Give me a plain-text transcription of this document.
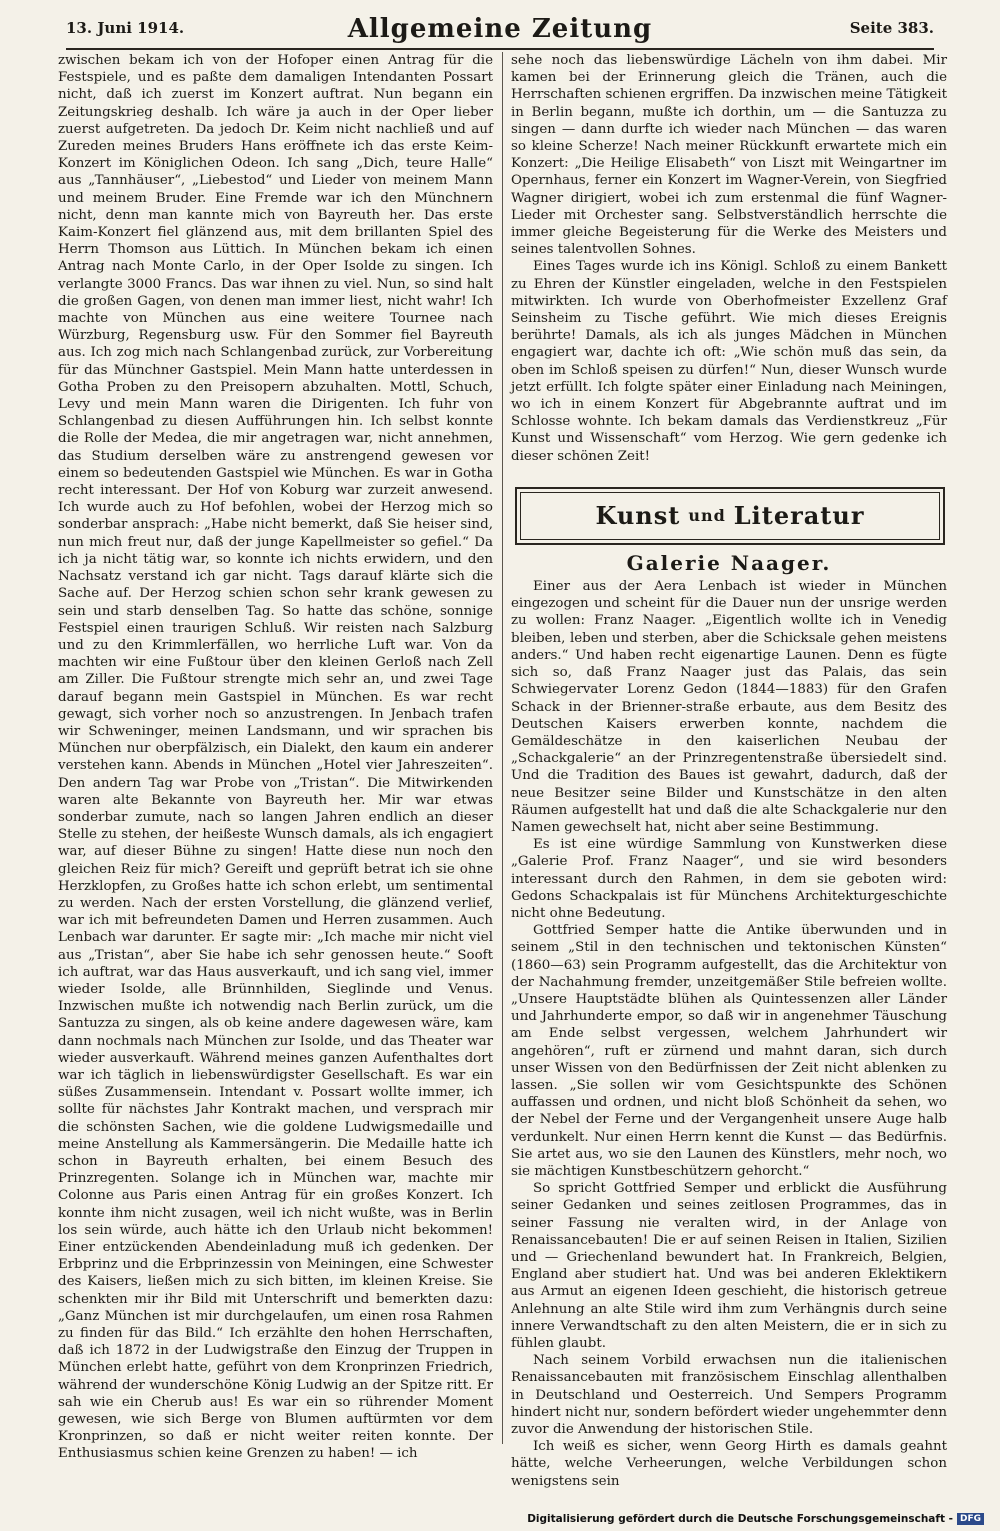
13. Juni 1914.	Allgemeine Zeitung	Seite 383.

zwischen bekam ich von der Hofoper einen Antrag für die Festspiele, und es paßte dem damaligen Intendanten Possart nicht, daß ich zuerst im Konzert auftrat. Nun begann ein Zeitungskrieg deshalb. Ich wäre ja auch in der Oper lieber zuerst aufgetreten. Da jedoch Dr. Keim nicht nachließ und auf Zureden meines Bruders Hans eröffnete ich das erste Keim-Konzert im Königlichen Odeon. Ich sang „Dich, teure Halle“ aus „Tannhäuser“, „Liebestod“ und Lieder von meinem Mann und meinem Bruder. Eine Fremde war ich den Münchnern nicht, denn man kannte mich von Bayreuth her. Das erste Kaim-Konzert fiel glänzend aus, mit dem brillanten Spiel des Herrn Thomson aus Lüttich. In München bekam ich einen Antrag nach Monte Carlo, in der Oper Isolde zu singen. Ich verlangte 3000 Francs. Das war ihnen zu viel. Nun, so sind halt die großen Gagen, von denen man immer liest, nicht wahr! Ich machte von München aus eine weitere Tournee nach Würzburg, Regensburg usw. Für den Sommer fiel Bayreuth aus. Ich zog mich nach Schlangenbad zurück, zur Vorbereitung für das Münchner Gastspiel. Mein Mann hatte unterdessen in Gotha Proben zu den Preisopern abzuhalten. Mottl, Schuch, Levy und mein Mann waren die Dirigenten. Ich fuhr von Schlangenbad zu diesen Aufführungen hin. Ich selbst konnte die Rolle der Medea, die mir angetragen war, nicht annehmen, das Studium derselben wäre zu anstrengend gewesen vor einem so bedeutenden Gastspiel wie München. Es war in Gotha recht interessant. Der Hof von Koburg war zurzeit anwesend. Ich wurde auch zu Hof befohlen, wobei der Herzog mich so sonderbar ansprach: „Habe nicht bemerkt, daß Sie heiser sind, nun mich freut nur, daß der junge Kapellmeister so gefiel.“ Da ich ja nicht tätig war, so konnte ich nichts erwidern, und den Nachsatz verstand ich gar nicht. Tags darauf klärte sich die Sache auf. Der Herzog schien schon sehr krank gewesen zu sein und starb denselben Tag. So hatte das schöne, sonnige Festspiel einen traurigen Schluß. Wir reisten nach Salzburg und zu den Krimmlerfällen, wo herrliche Luft war. Von da machten wir eine Fußtour über den kleinen Gerloß nach Zell am Ziller. Die Fußtour strengte mich sehr an, und zwei Tage darauf begann mein Gastspiel in München. Es war recht gewagt, sich vorher noch so anzustrengen. In Jenbach trafen wir Schweninger, meinen Landsmann, und wir sprachen bis München nur oberpfälzisch, ein Dialekt, den kaum ein anderer verstehen kann. Abends in München „Hotel vier Jahreszeiten“. Den andern Tag war Probe von „Tristan“. Die Mitwirkenden waren alte Bekannte von Bayreuth her. Mir war etwas sonderbar zumute, nach so langen Jahren endlich an dieser Stelle zu stehen, der heißeste Wunsch damals, als ich engagiert war, auf dieser Bühne zu singen! Hatte diese nun noch den gleichen Reiz für mich? Gereift und geprüft betrat ich sie ohne Herzklopfen, zu Großes hatte ich schon erlebt, um sentimental zu werden. Nach der ersten Vorstellung, die glänzend verlief, war ich mit befreundeten Damen und Herren zusammen. Auch Lenbach war darunter. Er sagte mir: „Ich mache mir nicht viel aus „Tristan“, aber Sie habe ich sehr genossen heute.“ Sooft ich auftrat, war das Haus ausverkauft, und ich sang viel, immer wieder Isolde, alle Brünnhilden, Sieglinde und Venus. Inzwischen mußte ich notwendig nach Berlin zurück, um die Santuzza zu singen, als ob keine andere dagewesen wäre, kam dann nochmals nach München zur Isolde, und das Theater war wieder ausverkauft. Während meines ganzen Aufenthaltes dort war ich täglich in liebenswürdigster Gesellschaft. Es war ein süßes Zusammensein. Intendant v. Possart wollte immer, ich sollte für nächstes Jahr Kontrakt machen, und versprach mir die schönsten Sachen, wie die goldene Ludwigsmedaille und meine Anstellung als Kammersängerin. Die Medaille hatte ich schon in Bayreuth erhalten, bei einem Besuch des Prinzregenten. Solange ich in München war, machte mir Colonne aus Paris einen Antrag für ein großes Konzert. Ich konnte ihm nicht zusagen, weil ich nicht wußte, was in Berlin los sein würde, auch hätte ich den Urlaub nicht bekommen! Einer entzückenden Abendeinladung muß ich gedenken. Der Erbprinz und die Erbprinzessin von Meiningen, eine Schwester des Kaisers, ließen mich zu sich bitten, im kleinen Kreise. Sie schenkten mir ihr Bild mit Unterschrift und bemerkten dazu: „Ganz München ist mir durchgelaufen, um einen rosa Rahmen zu finden für das Bild.“ Ich erzählte den hohen Herrschaften, daß ich 1872 in der Ludwigstraße den Einzug der Truppen in München erlebt hatte, geführt von dem Kronprinzen Friedrich, während der wunderschöne König Ludwig an der Spitze ritt. Er sah wie ein Cherub aus! Es war ein so rührender Moment gewesen, wie sich Berge von Blumen auftürmten vor dem Kronprinzen, so daß er nicht weiter reiten konnte. Der Enthusiasmus schien keine Grenzen zu haben! — ich

sehe noch das liebenswürdige Lächeln von ihm dabei. Mir kamen bei der Erinnerung gleich die Tränen, auch die Herrschaften schienen ergriffen. Da inzwischen meine Tätigkeit in Berlin begann, mußte ich dorthin, um — die Santuzza zu singen — dann durfte ich wieder nach München — das waren so kleine Scherze! Nach meiner Rückkunft erwartete mich ein Konzert: „Die Heilige Elisabeth“ von Liszt mit Weingartner im Opernhaus, ferner ein Konzert im Wagner-Verein, von Siegfried Wagner dirigiert, wobei ich zum erstenmal die fünf Wagner-Lieder mit Orchester sang. Selbstverständlich herrschte die immer gleiche Begeisterung für die Werke des Meisters und seines talentvollen Sohnes.

Eines Tages wurde ich ins Königl. Schloß zu einem Bankett zu Ehren der Künstler eingeladen, welche in den Festspielen mitwirkten. Ich wurde von Oberhofmeister Exzellenz Graf Seinsheim zu Tische geführt. Wie mich dieses Ereignis berührte! Damals, als ich als junges Mädchen in München engagiert war, dachte ich oft: „Wie schön muß das sein, da oben im Schloß speisen zu dürfen!“ Nun, dieser Wunsch wurde jetzt erfüllt. Ich folgte später einer Einladung nach Meiningen, wo ich in einem Konzert für Abgebrannte auftrat und im Schlosse wohnte. Ich bekam damals das Verdienstkreuz „Für Kunst und Wissenschaft“ vom Herzog. Wie gern gedenke ich dieser schönen Zeit!

Kunst und Literatur
Galerie Naager.

Einer aus der Aera Lenbach ist wieder in München eingezogen und scheint für die Dauer nun der unsrige werden zu wollen: Franz Naager. „Eigentlich wollte ich in Venedig bleiben, leben und sterben, aber die Schicksale gehen meistens anders.“ Und haben recht eigenartige Launen. Denn es fügte sich so, daß Franz Naager just das Palais, das sein Schwiegervater Lorenz Gedon (1844—1883) für den Grafen Schack in der Brienner-straße erbaute, aus dem Besitz des Deutschen Kaisers erwerben konnte, nachdem die Gemäldeschätze in den kaiserlichen Neubau der „Schackgalerie“ an der Prinzregentenstraße übersiedelt sind. Und die Tradition des Baues ist gewahrt, dadurch, daß der neue Besitzer seine Bilder und Kunstschätze in den alten Räumen aufgestellt hat und daß die alte Schackgalerie nur den Namen gewechselt hat, nicht aber seine Bestimmung.

Es ist eine würdige Sammlung von Kunstwerken diese „Galerie Prof. Franz Naager“, und sie wird besonders interessant durch den Rahmen, in dem sie geboten wird: Gedons Schackpalais ist für Münchens Architekturgeschichte nicht ohne Bedeutung.

Gottfried Semper hatte die Antike überwunden und in seinem „Stil in den technischen und tektonischen Künsten“ (1860—63) sein Programm aufgestellt, das die Architektur von der Nachahmung fremder, unzeitgemäßer Stile befreien wollte. „Unsere Hauptstädte blühen als Quintessenzen aller Länder und Jahrhunderte empor, so daß wir in angenehmer Täuschung am Ende selbst vergessen, welchem Jahrhundert wir angehören“, ruft er zürnend und mahnt daran, sich durch unser Wissen von den Bedürfnissen der Zeit nicht ablenken zu lassen. „Sie sollen wir vom Gesichtspunkte des Schönen auffassen und ordnen, und nicht bloß Schönheit da sehen, wo der Nebel der Ferne und der Vergangenheit unsere Auge halb verdunkelt. Nur einen Herrn kennt die Kunst — das Bedürfnis. Sie artet aus, wo sie den Launen des Künstlers, mehr noch, wo sie mächtigen Kunstbeschützern gehorcht.“

So spricht Gottfried Semper und erblickt die Ausführung seiner Gedanken und seines zeitlosen Programmes, das in seiner Fassung nie veralten wird, in der Anlage von Renaissancebauten! Die er auf seinen Reisen in Italien, Sizilien und — Griechenland bewundert hat. In Frankreich, Belgien, England aber studiert hat. Und was bei anderen Eklektikern aus Armut an eigenen Ideen geschieht, die historisch getreue Anlehnung an alte Stile wird ihm zum Verhängnis durch seine innere Verwandtschaft zu den alten Meistern, die er in sich zu fühlen glaubt.

Nach seinem Vorbild erwachsen nun die italienischen Renaissancebauten mit französischem Einschlag allenthalben in Deutschland und Oesterreich. Und Sempers Programm hindert nicht nur, sondern befördert wieder ungehemmter denn zuvor die Anwendung der historischen Stile.

Ich weiß es sicher, wenn Georg Hirth es damals geahnt hätte, welche Verheerungen, welche Verbildungen schon wenigstens sein

Digitalisierung gefördert durch die Deutsche Forschungsgemeinschaft - DFG
